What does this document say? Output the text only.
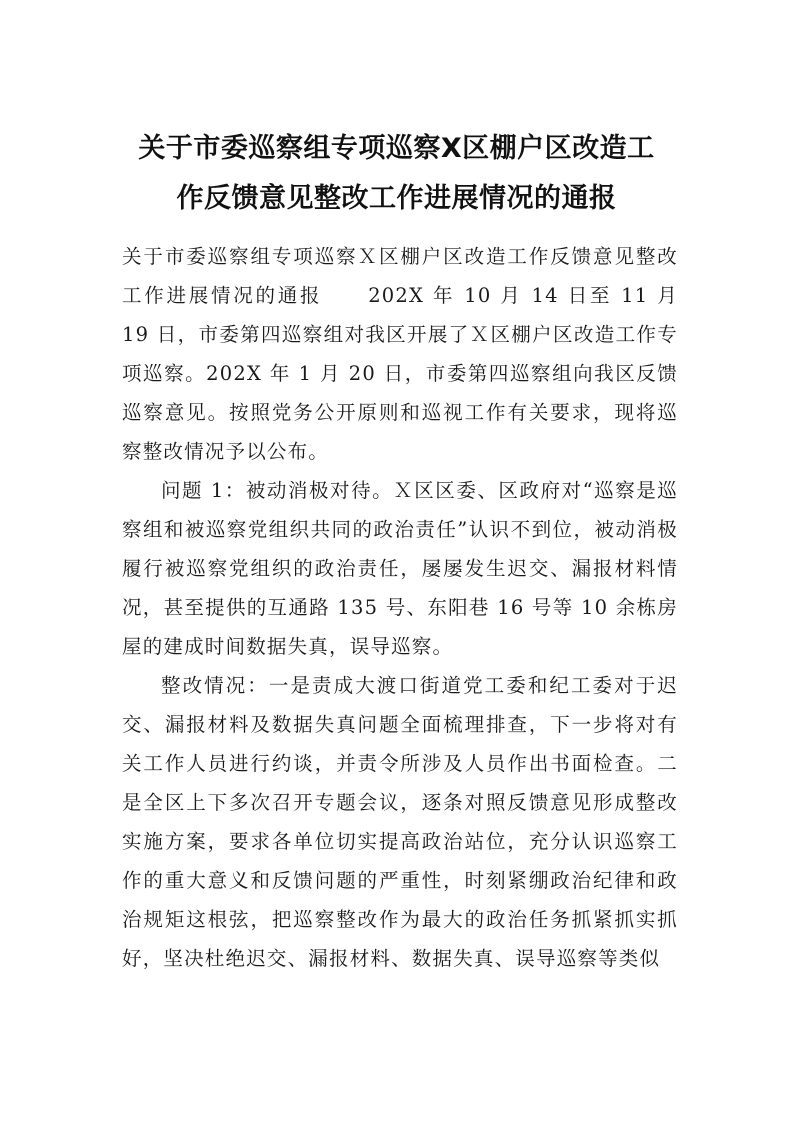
关于市委巡察组专项巡察X区棚户区改造工
作反馈意见整改工作进展情况的通报

关于市委巡察组专项巡察Ｘ区棚户区改造工作反馈意见整改工作进展情况的通报 202X 年 10 月 14 日至 11 月 19 日，市委第四巡察组对我区开展了Ｘ区棚户区改造工作专项巡察。202X 年 1 月 20 日，市委第四巡察组向我区反馈巡察意见。按照党务公开原则和巡视工作有关要求，现将巡察整改情况予以公布。

问题 1：被动消极对待。Ｘ区区委、区政府对“巡察是巡察组和被巡察党组织共同的政治责任”认识不到位，被动消极履行被巡察党组织的政治责任，屡屡发生迟交、漏报材料情况，甚至提供的互通路 135 号、东阳巷 16 号等 10 余栋房屋的建成时间数据失真，误导巡察。

整改情况：一是责成大渡口街道党工委和纪工委对于迟交、漏报材料及数据失真问题全面梳理排查，下一步将对有关工作人员进行约谈，并责令所涉及人员作出书面检查。二是全区上下多次召开专题会议，逐条对照反馈意见形成整改实施方案，要求各单位切实提高政治站位，充分认识巡察工作的重大意义和反馈问题的严重性，时刻紧绷政治纪律和政治规矩这根弦，把巡察整改作为最大的政治任务抓紧抓实抓好，坚决杜绝迟交、漏报材料、数据失真、误导巡察等类似
